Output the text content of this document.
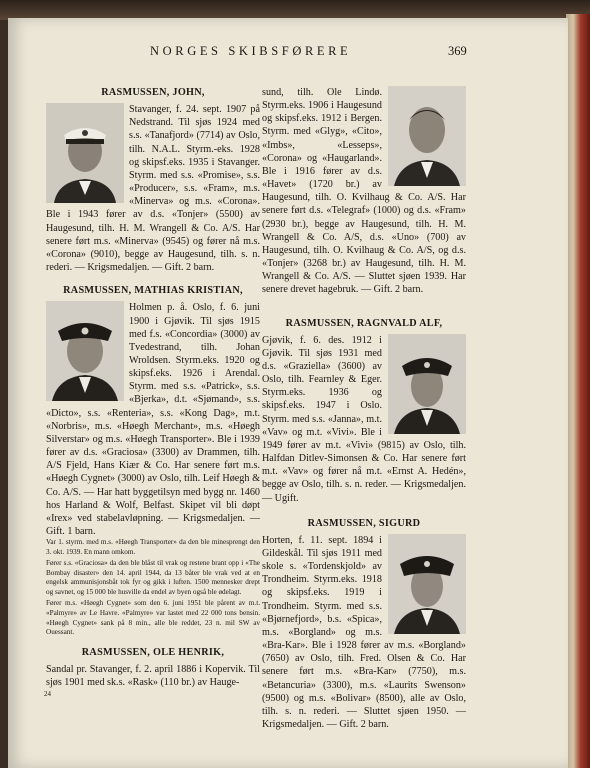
NORGES SKIBSFØRERE	369
RASMUSSEN, JOHN,

Stavanger, f. 24. sept. 1907 på Nedstrand. Til sjøs 1924 med s.s. «Tanafjord» (7714) av Oslo, tilh. N.A.L. Styrm.-eks. 1928 og skipsf.eks. 1935 i Stavanger. Styrm. med s.s. «Promise», s.s. «Producer», s.s. «Fram», m.s. «Minerva» og m.s. «Corona». Ble i 1943 fører av d.s. «Tonjer» (5500) av Haugesund, tilh. H. M. Wrangell & Co. A/S. Har senere ført m.s. «Minerva» (9545) og fører nå m.s. «Corona» (9010), begge av Haugesund, tilh. s. n. rederi. — Krigsmedaljen. — Gift. 2 barn.

RASMUSSEN, MATHIAS KRISTIAN,

Holmen p. å. Oslo, f. 6. juni 1900 i Gjøvik. Til sjøs 1915 med f.s. «Concordia» (3000) av Tvedestrand, tilh. Johan Wroldsen. Styrm.eks. 1920 og skipsf.eks. 1926 i Arendal. Styrm. med s.s. «Patrick», s.s. «Bjerka», d.t. «Sjømand», s.s. «Dicto», s.s. «Renteria», s.s. «Kong Dag», m.t. «Norbris», m.s. «Høegh Merchant», m.s. «Høegh Silverstar» og m.s. «Høegh Transporter». Ble i 1939 fører av d.s. «Graciosa» (3300) av Drammen, tilh. A/S Fjeld, Hans Kiær & Co. Har senere ført m.s. «Høegh Cygnet» (3000) av Oslo, tilh. Leif Høegh & Co. A/S. — Har hatt byggetilsyn med bygg nr. 1460 hos Harland & Wolf, Belfast. Skipet vil bli døpt «Irex» ved stabelavløpning. — Krigsmedaljen. — Gift. 1 barn.

Var 1. styrm. med m.s. «Høegh Transporter» da den ble minesprengt den 3. okt. 1939. En mann omkom.

Fører s.s. «Graciosa» da den ble blåst til vrak og restene brant opp i «The Bombay disaster» den 14. april 1944, da 13 båter ble vrak ved at en engelsk ammunisjonsbåt tok fyr og gikk i luften. 1500 mennesker drept og savnet, og 15 000 ble husville da endel av byen også ble ødelagt.

Fører m.s. «Høegh Cygnet» som den 6. juni 1951 ble pårent av m.t. «Palmyre» av Le Havre. «Palmyre» var lastet med 22 000 tons bensin. «Høegh Cygnet» sank på 8 min., alle ble reddet, 23 n. mil SW av Ouessant.

RASMUSSEN, OLE HENRIK,

Sandal pr. Stavanger, f. 2. april 1886 i Kopervik. Til sjøs 1901 med sk.s. «Rask» (110 br.) av Hauge-

sund, tilh. Ole Lindø. Styrm.eks. 1906 i Haugesund og skipsf.eks. 1912 i Bergen. Styrm. med «Glyg», «Cito», «Imbs», «Lesseps», «Corona» og «Haugarland». Ble i 1916 fører av d.s. «Havet» (1720 br.) av Haugesund, tilh. O. Kvilhaug & Co. A/S. Har senere ført d.s. «Telegraf» (1000) og d.s. «Fram» (2930 br.), begge av Haugesund, tilh. H. M. Wrangell & Co. A/S, d.s. «Uno» (700) av Haugesund, tilh. O. Kvilhaug & Co. A/S, og d.s. «Tonjer» (3268 br.) av Haugesund, tilh. H. M. Wrangell & Co. A/S. — Sluttet sjøen 1939. Har senere drevet hagebruk. — Gift. 2 barn.

RASMUSSEN, RAGNVALD ALF,

Gjøvik, f. 6. des. 1912 i Gjøvik. Til sjøs 1931 med d.s. «Graziella» (3600) av Oslo, tilh. Fearnley & Eger. Styrm.eks. 1936 og skipsf.eks. 1947 i Oslo. Styrm. med s.s. «Janna», m.t. «Vav» og m.t. «Vivi». Ble i 1949 fører av m.t. «Vivi» (9815) av Oslo, tilh. Halfdan Ditlev-Simonsen & Co. Har senere ført m.t. «Vav» og fører nå m.t. «Ernst A. Hedén», begge av Oslo, tilh. s. n. reder. — Krigsmedaljen. — Ugift.

RASMUSSEN, SIGURD

Horten, f. 11. sept. 1894 i Gildeskål. Til sjøs 1911 med skole s. «Tordenskjold» av Trondheim. Styrm.eks. 1918 og skipsf.eks. 1919 i Trondheim. Styrm. med s.s. «Bjørnefjord», b.s. «Spica», m.s. «Borgland» og m.s. «Bra-Kar». Ble i 1928 fører av m.s. «Borgland» (7650) av Oslo, tilh. Fred. Olsen & Co. Har senere ført m.s. «Bra-Kar» (7750), m.s. «Betancuria» (3300), m.s. «Laurits Swenson» (9500) og m.s. «Bolivar» (8500), alle av Oslo, tilh. s. n. rederi. — Sluttet sjøen 1950. — Krigsmedaljen. — Gift. 2 barn.

24
